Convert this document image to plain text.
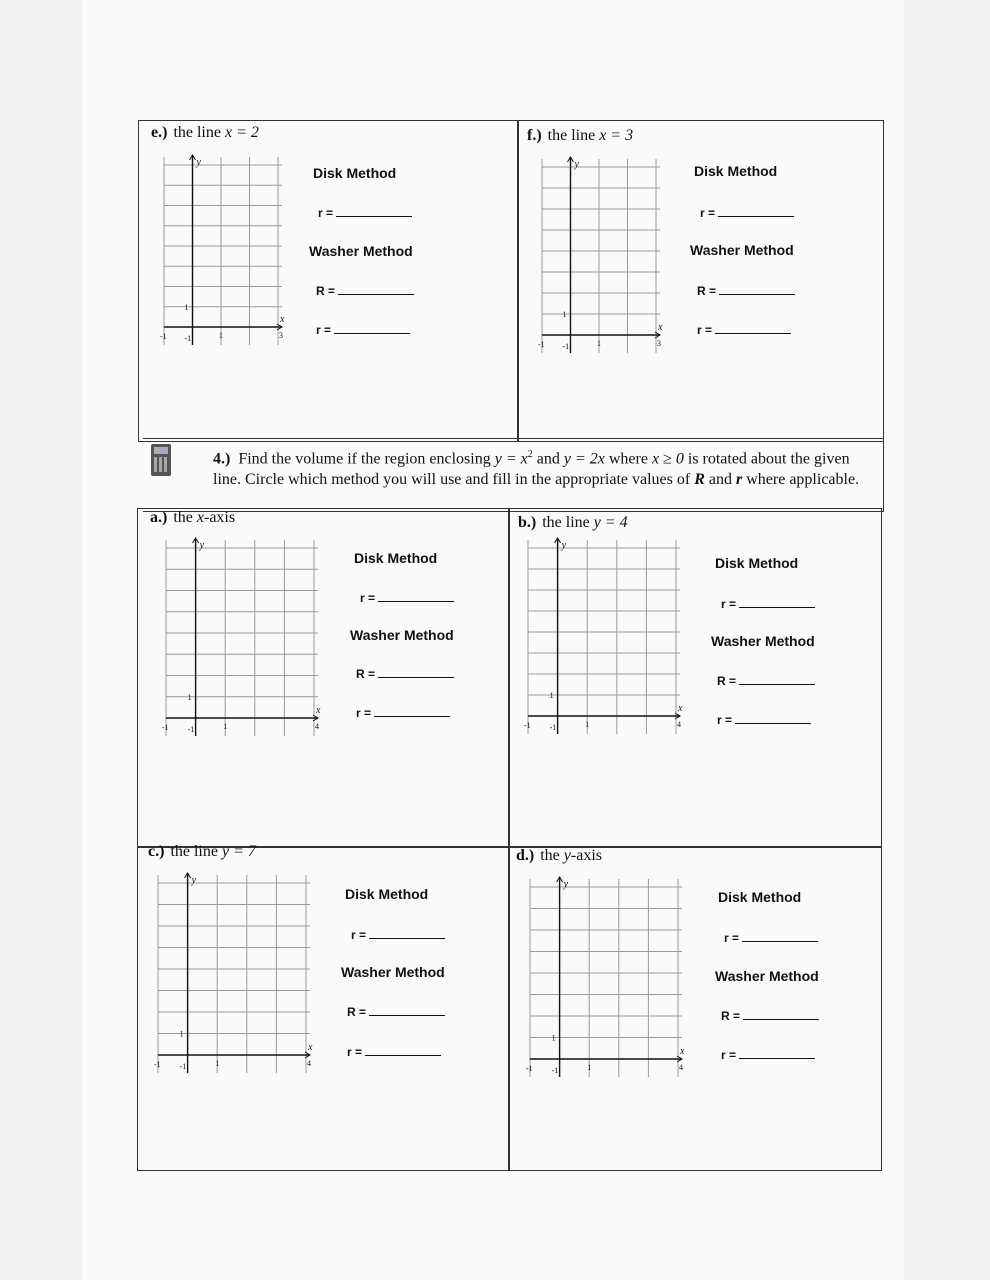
e.) the line x = 2	f.) the line x = 3
y
x
-1 -1	1
1
3
y
x
-1 -1	1
1
3
Disk Method
r =
Washer Method
R =
r =
Disk Method
r =
Washer Method
R =
r =
4.) Find the volume if the region enclosing $y = x^2$ and y = 2x where x ≥ 0 is rotated about the given line. Circle which method you will use and fill in the appropriate values of R and r where applicable.
a.) the x-axis	b.) the line y = 4
c.) the line y = 7	d.) the y-axis
y
x
-1 -1	1
1
4
y
x
-1 -1	1
1
4
y
x
-1 -1	1
1
4
y
x
-1 -1	1
1
4
Disk Method
r =
Washer Method
R =
r =
Disk Method
r =
Washer Method
R =
r =
Disk Method
r =
Washer Method
R =
r =
Disk Method
r =
Washer Method
R =
r =
